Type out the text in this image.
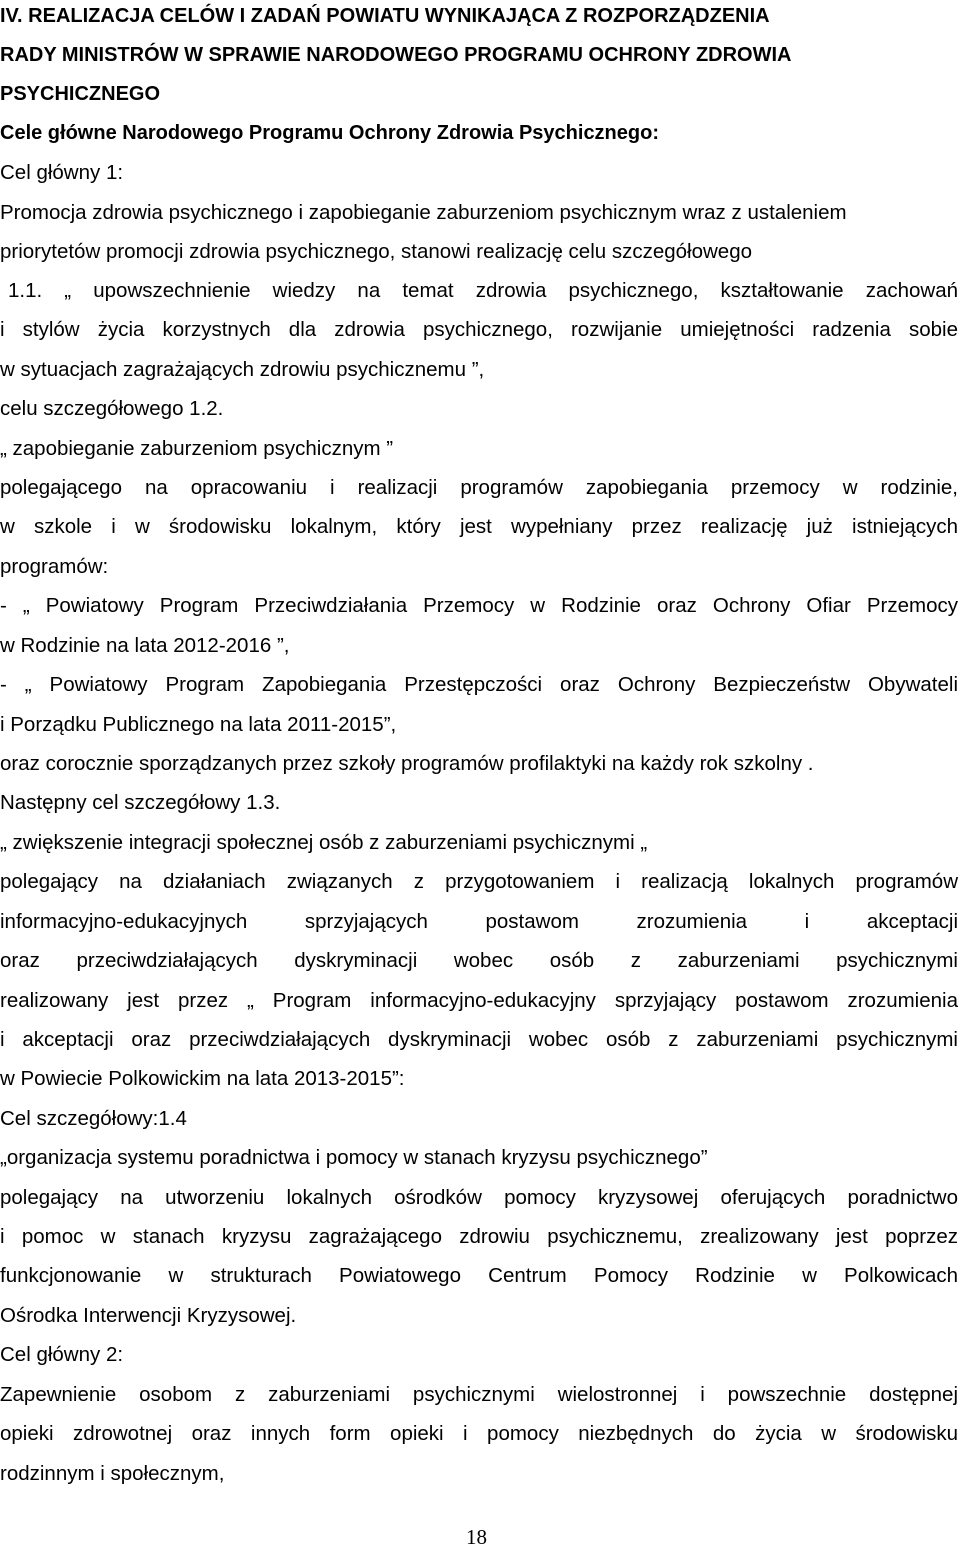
IV. REALIZACJA CELÓW I ZADAŃ POWIATU WYNIKAJĄCA Z ROZPORZĄDZENIA
RADY MINISTRÓW W SPRAWIE NARODOWEGO PROGRAMU OCHRONY ZDROWIA
PSYCHICZNEGO
Cele główne Narodowego Programu Ochrony Zdrowia Psychicznego:
Cel główny 1:
Promocja zdrowia psychicznego i zapobieganie zaburzeniom psychicznym wraz z ustaleniem
priorytetów promocji zdrowia psychicznego, stanowi realizację celu szczegółowego
1.1. „ upowszechnienie wiedzy na temat zdrowia psychicznego, kształtowanie zachowań
i stylów życia korzystnych dla zdrowia psychicznego, rozwijanie umiejętności radzenia sobie
w sytuacjach zagrażających zdrowiu psychicznemu ”,
celu szczegółowego 1.2.
„ zapobieganie zaburzeniom psychicznym ”
polegającego na opracowaniu i realizacji programów zapobiegania przemocy w rodzinie,
w szkole i w środowisku lokalnym, który jest wypełniany przez realizację już istniejących
programów:
- „ Powiatowy Program Przeciwdziałania Przemocy w Rodzinie oraz Ochrony Ofiar Przemocy
w Rodzinie na lata 2012-2016 ”,
- „ Powiatowy Program Zapobiegania Przestępczości oraz Ochrony Bezpieczeństw Obywateli
i Porządku Publicznego na lata 2011-2015”,
oraz corocznie sporządzanych przez szkoły programów profilaktyki na każdy rok szkolny .
Następny cel szczegółowy 1.3.
„ zwiększenie integracji społecznej osób z zaburzeniami psychicznymi „
polegający na działaniach związanych z przygotowaniem i realizacją lokalnych programów
informacyjno-edukacyjnych sprzyjających postawom zrozumienia i akceptacji
oraz przeciwdziałających dyskryminacji wobec osób z zaburzeniami psychicznymi
realizowany jest przez „ Program informacyjno-edukacyjny sprzyjający postawom zrozumienia
i akceptacji oraz przeciwdziałających dyskryminacji wobec osób z zaburzeniami psychicznymi
w Powiecie Polkowickim na lata 2013-2015”:
Cel szczegółowy:1.4
„organizacja systemu poradnictwa i pomocy w stanach kryzysu psychicznego”
polegający na utworzeniu lokalnych ośrodków pomocy kryzysowej oferujących poradnictwo
i pomoc w stanach kryzysu zagrażającego zdrowiu psychicznemu, zrealizowany jest poprzez
funkcjonowanie w strukturach Powiatowego Centrum Pomocy Rodzinie w Polkowicach
Ośrodka Interwencji Kryzysowej.
Cel główny 2:
Zapewnienie osobom z zaburzeniami psychicznymi wielostronnej i powszechnie dostępnej
opieki zdrowotnej oraz innych form opieki i pomocy niezbędnych do życia w środowisku
rodzinnym i społecznym,
18
